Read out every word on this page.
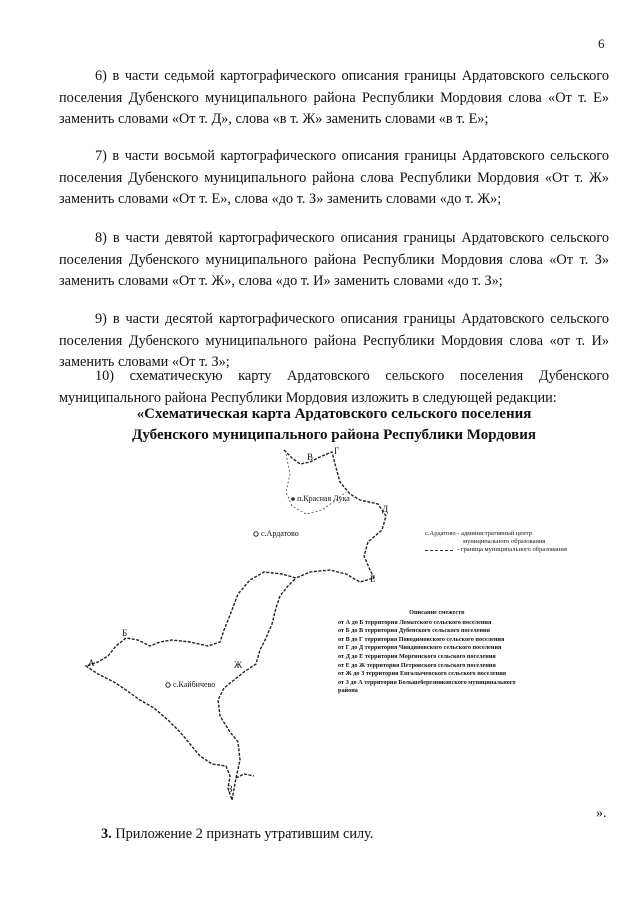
6

6) в части седьмой картографического описания границы Ардатовского сельского поселения Дубенского муниципального района Республики Мордовия слова «От т. Е» заменить словами «От т. Д», слова «в т. Ж» заменить словами «в т. Е»;

7) в части восьмой картографического описания границы Ардатовского сельского поселения Дубенского муниципального района слова Республики Мордовия «От т. Ж» заменить словами «От т. Е», слова «до т. З» заменить словами «до т. Ж»;

8) в части девятой картографического описания границы Ардатовского сельского поселения Дубенского муниципального района Республики Мордовия слова «От т. З» заменить словами «От т. Ж», слова «до т. И» заменить словами «до т. З»;

9) в части десятой картографического описания границы Ардатовского сельского поселения Дубенского муниципального района Республики Мордовия слова «от т. И» заменить словами «От т. З»;

10) схематическую карту Ардатовского сельского поселения Дубенского муниципального района Республики Мордовия изложить в следующей редакции:

«Схематическая карта Ардатовского сельского поселения
Дубенского муниципального района Республики Мордовия
В
Г
Д
Е
Б
А	Ж
З
п.Красная Лука
с.Ардатово
с.Кайбичево
с.Ардатово - административный центр
муниципального образования
- граница муниципального образования
Описание смежеств
от А до Б территория Ломатского сельского поселения
от Б до В территория Дубенского сельского поселения
от В до Г территория Поводимовского сельского поселения
от Г до Д территория Чиндяновского сельского поселения
от Д до Е территория Моргинского сельского поселения
от Е до Ж территория Петровского сельского поселения
от Ж до З территория Енгалычевского сельского поселения
от З до А территория Большеберезниковского муниципального
района
».
3. Приложение 2 признать утратившим силу.
